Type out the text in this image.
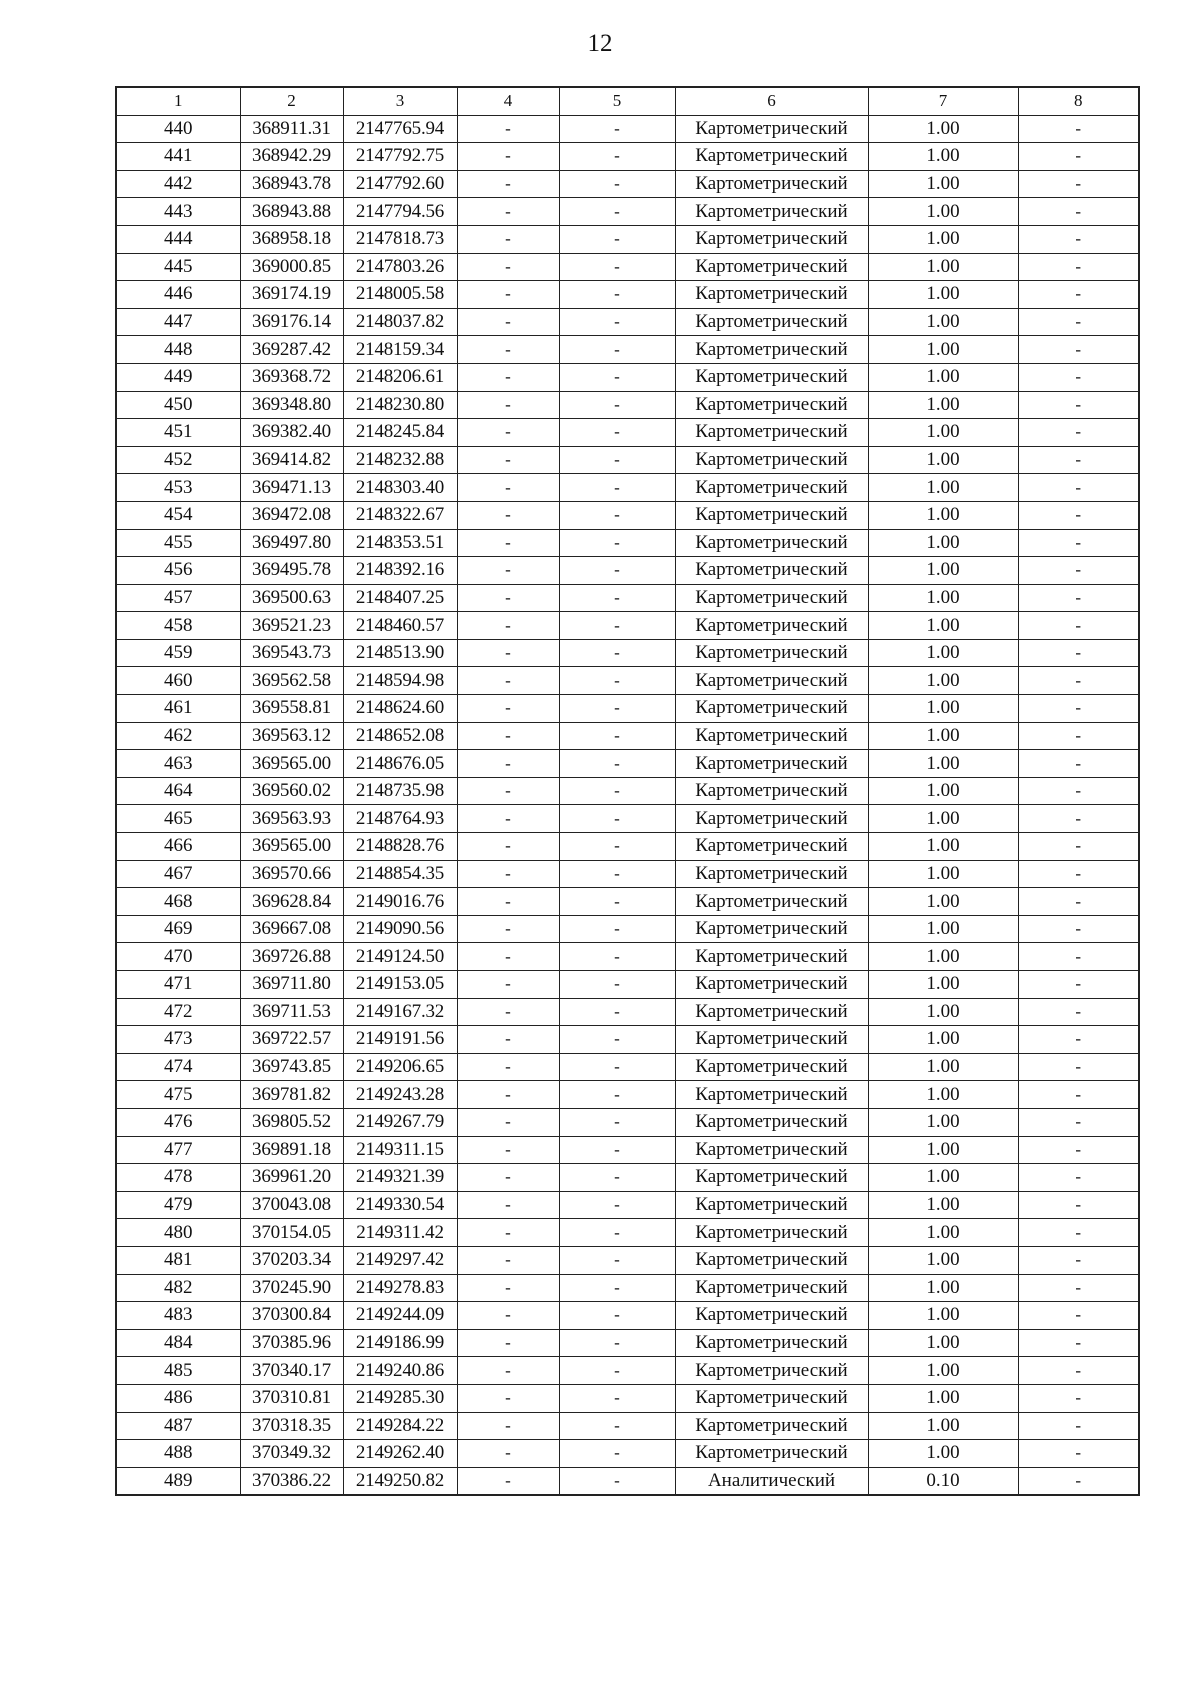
12
1	2	3	4	5	6	7	8
440	368911.31	2147765.94	-	-	Картометрический	1.00	-
441	368942.29	2147792.75	-	-	Картометрический	1.00	-
442	368943.78	2147792.60	-	-	Картометрический	1.00	-
443	368943.88	2147794.56	-	-	Картометрический	1.00	-
444	368958.18	2147818.73	-	-	Картометрический	1.00	-
445	369000.85	2147803.26	-	-	Картометрический	1.00	-
446	369174.19	2148005.58	-	-	Картометрический	1.00	-
447	369176.14	2148037.82	-	-	Картометрический	1.00	-
448	369287.42	2148159.34	-	-	Картометрический	1.00	-
449	369368.72	2148206.61	-	-	Картометрический	1.00	-
450	369348.80	2148230.80	-	-	Картометрический	1.00	-
451	369382.40	2148245.84	-	-	Картометрический	1.00	-
452	369414.82	2148232.88	-	-	Картометрический	1.00	-
453	369471.13	2148303.40	-	-	Картометрический	1.00	-
454	369472.08	2148322.67	-	-	Картометрический	1.00	-
455	369497.80	2148353.51	-	-	Картометрический	1.00	-
456	369495.78	2148392.16	-	-	Картометрический	1.00	-
457	369500.63	2148407.25	-	-	Картометрический	1.00	-
458	369521.23	2148460.57	-	-	Картометрический	1.00	-
459	369543.73	2148513.90	-	-	Картометрический	1.00	-
460	369562.58	2148594.98	-	-	Картометрический	1.00	-
461	369558.81	2148624.60	-	-	Картометрический	1.00	-
462	369563.12	2148652.08	-	-	Картометрический	1.00	-
463	369565.00	2148676.05	-	-	Картометрический	1.00	-
464	369560.02	2148735.98	-	-	Картометрический	1.00	-
465	369563.93	2148764.93	-	-	Картометрический	1.00	-
466	369565.00	2148828.76	-	-	Картометрический	1.00	-
467	369570.66	2148854.35	-	-	Картометрический	1.00	-
468	369628.84	2149016.76	-	-	Картометрический	1.00	-
469	369667.08	2149090.56	-	-	Картометрический	1.00	-
470	369726.88	2149124.50	-	-	Картометрический	1.00	-
471	369711.80	2149153.05	-	-	Картометрический	1.00	-
472	369711.53	2149167.32	-	-	Картометрический	1.00	-
473	369722.57	2149191.56	-	-	Картометрический	1.00	-
474	369743.85	2149206.65	-	-	Картометрический	1.00	-
475	369781.82	2149243.28	-	-	Картометрический	1.00	-
476	369805.52	2149267.79	-	-	Картометрический	1.00	-
477	369891.18	2149311.15	-	-	Картометрический	1.00	-
478	369961.20	2149321.39	-	-	Картометрический	1.00	-
479	370043.08	2149330.54	-	-	Картометрический	1.00	-
480	370154.05	2149311.42	-	-	Картометрический	1.00	-
481	370203.34	2149297.42	-	-	Картометрический	1.00	-
482	370245.90	2149278.83	-	-	Картометрический	1.00	-
483	370300.84	2149244.09	-	-	Картометрический	1.00	-
484	370385.96	2149186.99	-	-	Картометрический	1.00	-
485	370340.17	2149240.86	-	-	Картометрический	1.00	-
486	370310.81	2149285.30	-	-	Картометрический	1.00	-
487	370318.35	2149284.22	-	-	Картометрический	1.00	-
488	370349.32	2149262.40	-	-	Картометрический	1.00	-
489	370386.22	2149250.82	-	-	Аналитический	0.10	-
